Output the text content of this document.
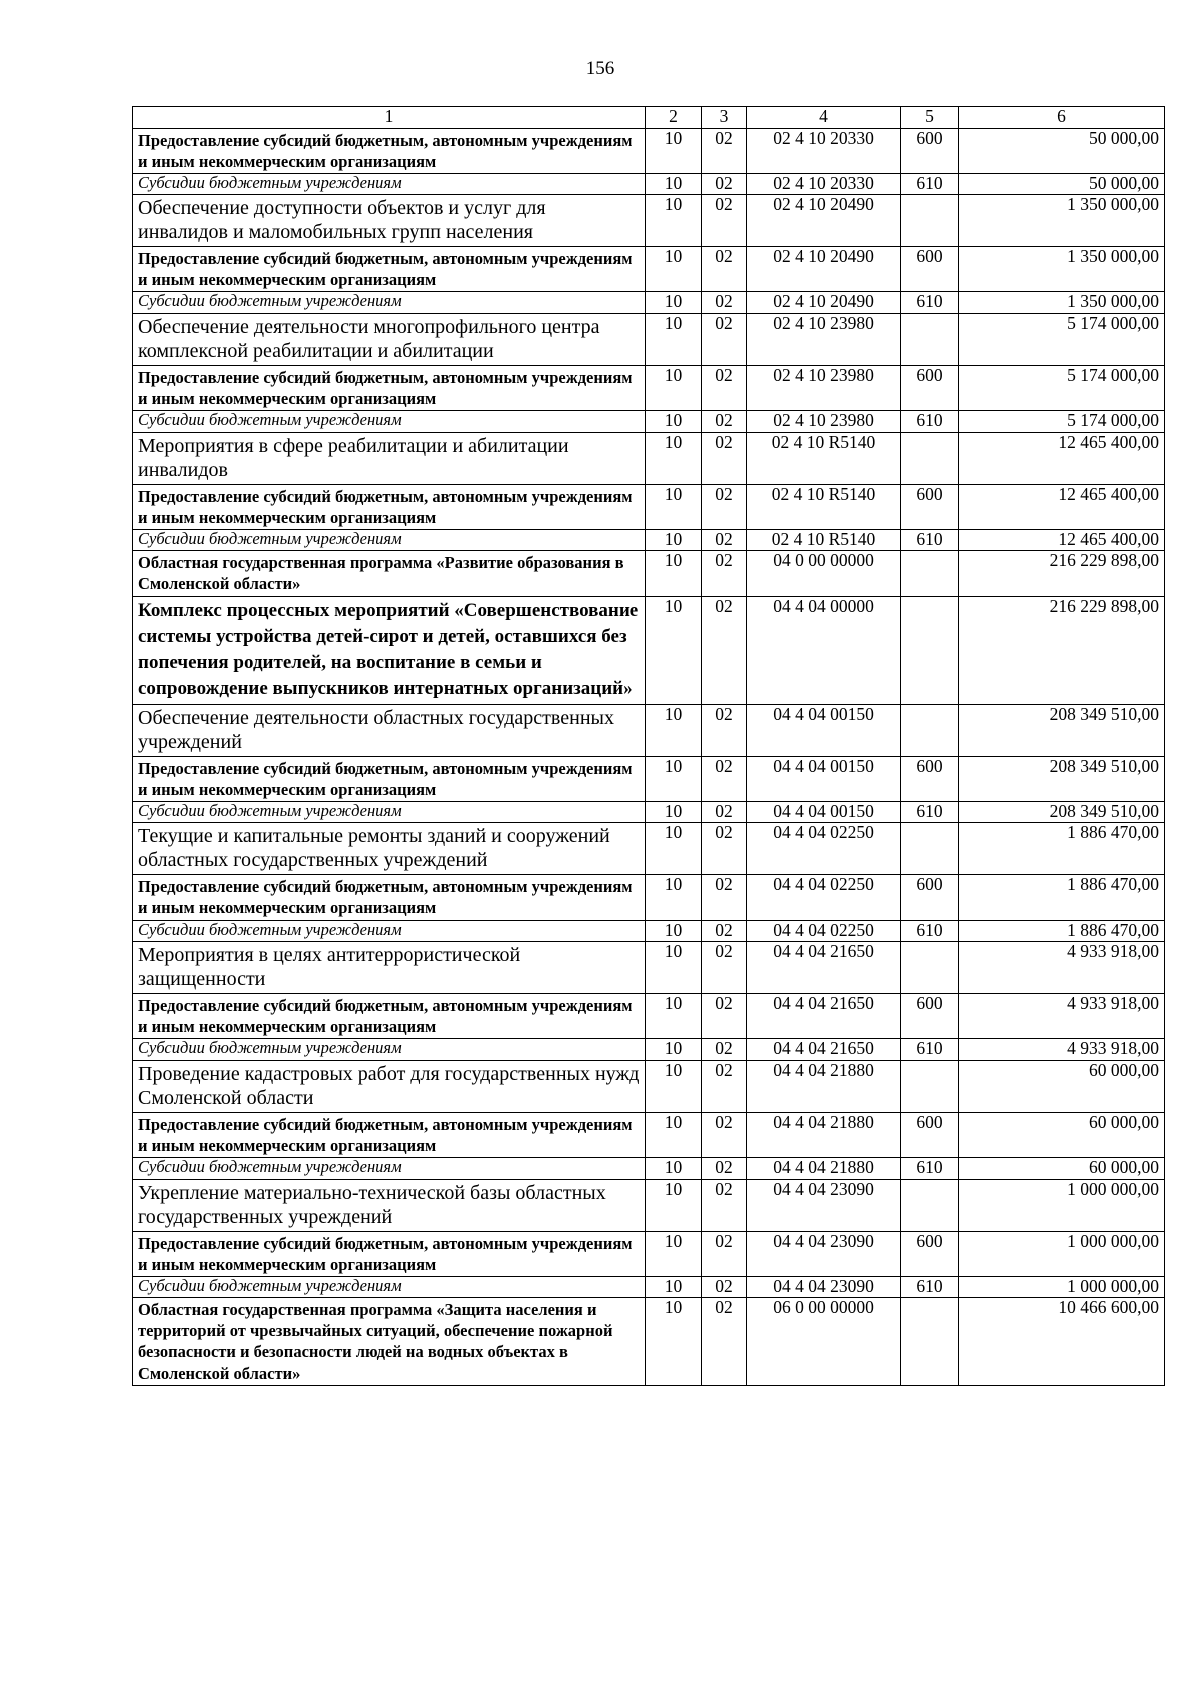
156
1	2	3	4	5	6
Предоставление субсидий бюджетным, автономным учреждениям и иным некоммерческим организациям	10	02	02 4 10 20330	600	50 000,00
Субсидии бюджетным учреждениям	10	02	02 4 10 20330	610	50 000,00
Обеспечение доступности объектов и услуг для инвалидов и маломобильных групп населения	10	02	02 4 10 20490		1 350 000,00
Предоставление субсидий бюджетным, автономным учреждениям и иным некоммерческим организациям	10	02	02 4 10 20490	600	1 350 000,00
Субсидии бюджетным учреждениям	10	02	02 4 10 20490	610	1 350 000,00
Обеспечение деятельности многопрофильного центра комплексной реабилитации и абилитации	10	02	02 4 10 23980		5 174 000,00
Предоставление субсидий бюджетным, автономным учреждениям и иным некоммерческим организациям	10	02	02 4 10 23980	600	5 174 000,00
Субсидии бюджетным учреждениям	10	02	02 4 10 23980	610	5 174 000,00
Мероприятия в сфере реабилитации и абилитации инвалидов	10	02	02 4 10 R5140		12 465 400,00
Предоставление субсидий бюджетным, автономным учреждениям и иным некоммерческим организациям	10	02	02 4 10 R5140	600	12 465 400,00
Субсидии бюджетным учреждениям	10	02	02 4 10 R5140	610	12 465 400,00
Областная государственная программа «Развитие образования в Смоленской области»	10	02	04 0 00 00000		216 229 898,00
Комплекс процессных мероприятий «Совершенствование системы устройства детей-сирот и детей, оставшихся без попечения родителей, на воспитание в семьи и сопровождение выпускников интернатных организаций»	10	02	04 4 04 00000		216 229 898,00
Обеспечение деятельности областных государственных учреждений	10	02	04 4 04 00150		208 349 510,00
Предоставление субсидий бюджетным, автономным учреждениям и иным некоммерческим организациям	10	02	04 4 04 00150	600	208 349 510,00
Субсидии бюджетным учреждениям	10	02	04 4 04 00150	610	208 349 510,00
Текущие и капитальные ремонты зданий и сооружений областных государственных учреждений	10	02	04 4 04 02250		1 886 470,00
Предоставление субсидий бюджетным, автономным учреждениям и иным некоммерческим организациям	10	02	04 4 04 02250	600	1 886 470,00
Субсидии бюджетным учреждениям	10	02	04 4 04 02250	610	1 886 470,00
Мероприятия в целях антитеррористической защищенности	10	02	04 4 04 21650		4 933 918,00
Предоставление субсидий бюджетным, автономным учреждениям и иным некоммерческим организациям	10	02	04 4 04 21650	600	4 933 918,00
Субсидии бюджетным учреждениям	10	02	04 4 04 21650	610	4 933 918,00
Проведение кадастровых работ для государственных нужд Смоленской области	10	02	04 4 04 21880		60 000,00
Предоставление субсидий бюджетным, автономным учреждениям и иным некоммерческим организациям	10	02	04 4 04 21880	600	60 000,00
Субсидии бюджетным учреждениям	10	02	04 4 04 21880	610	60 000,00
Укрепление материально-технической базы областных государственных учреждений	10	02	04 4 04 23090		1 000 000,00
Предоставление субсидий бюджетным, автономным учреждениям и иным некоммерческим организациям	10	02	04 4 04 23090	600	1 000 000,00
Субсидии бюджетным учреждениям	10	02	04 4 04 23090	610	1 000 000,00
Областная государственная программа «Защита населения и территорий от чрезвычайных ситуаций, обеспечение пожарной безопасности и безопасности людей на водных объектах в Смоленской области»	10	02	06 0 00 00000		10 466 600,00
